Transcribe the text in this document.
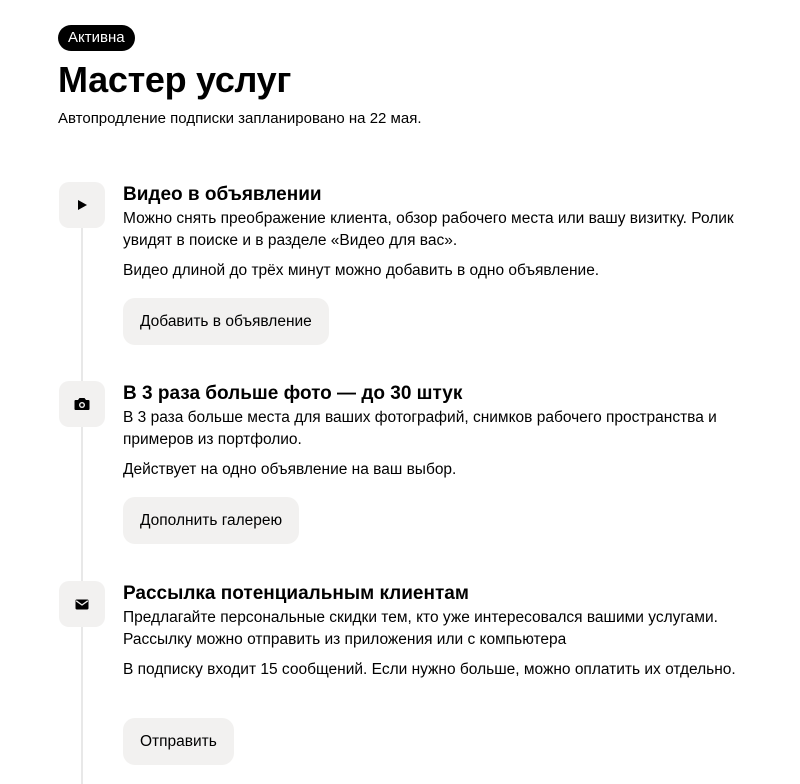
Активна
Мастер услуг
Автопродление подписки запланировано на 22 мая.
Видео в объявлении

Можно снять преображение клиента, обзор рабочего места или вашу визитку. Ролик увидят в поиске и в разделе «Видео для вас».

Видео длиной до трёх минут можно добавить в одно объявление.

Добавить в объявление
В 3 раза больше фото — до 30 штук

В 3 раза больше места для ваших фотографий, снимков рабочего пространства и примеров из портфолио.

Действует на одно объявление на ваш выбор.

Дополнить галерею
Рассылка потенциальным клиентам

Предлагайте персональные скидки тем, кто уже интересовался вашими услугами. Рассылку можно отправить из приложения или с компьютера

В подписку входит 15 сообщений. Если нужно больше, можно оплатить их отдельно.

Отправить
